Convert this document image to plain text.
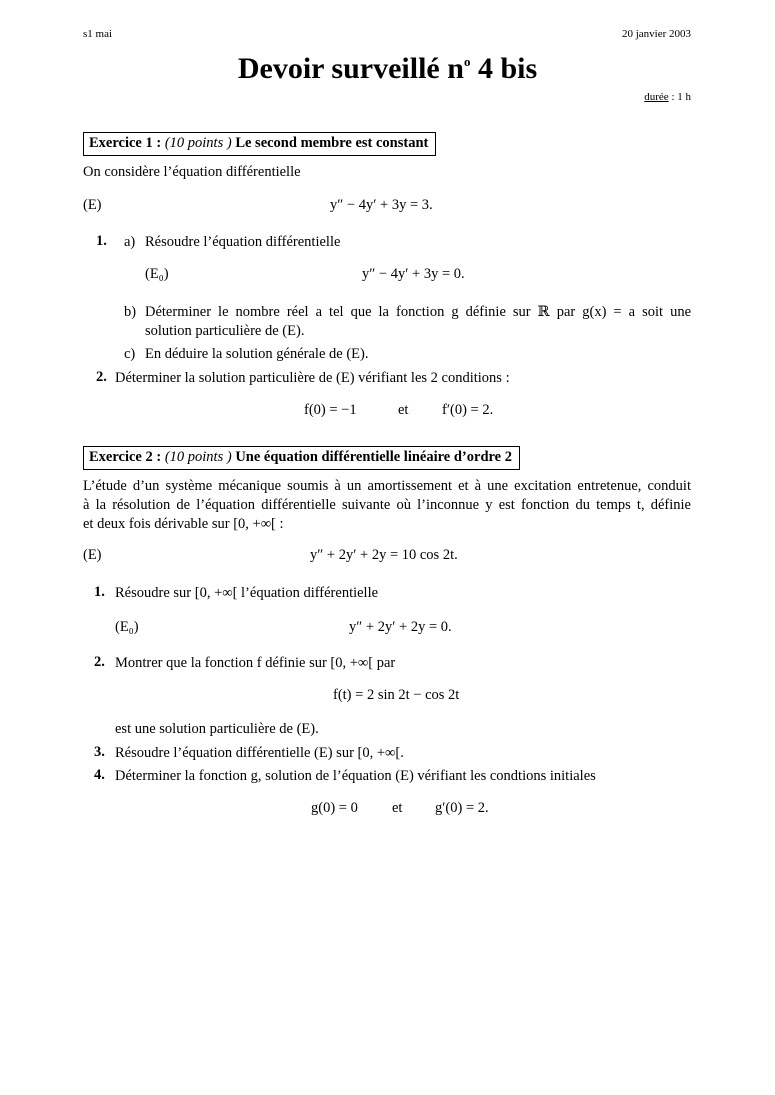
s1 mai	20 janvier 2003
Devoir surveillé $n^o$ 4 bis
durée : 1 h
Exercice 1 : (10 points ) Le second membre est constant
On considère l’équation différentielle
(E)	y″ − 4y′ + 3y = 3.
1. a) Résoudre l’équation différentielle
(E₀)	y″ − 4y′ + 3y = 0.
b) Déterminer le nombre réel a tel que la fonction g définie sur ℝ par g(x) = a soit une
solution particulière de (E).
c) En déduire la solution générale de (E).
2. Déterminer la solution particulière de (E) vérifiant les 2 conditions :
f(0) = −1	et f′(0) = 2.
Exercice 2 : (10 points ) Une équation différentielle linéaire d’ordre 2
L’étude d’un système mécanique soumis à un amortissement et à une excitation entretenue, conduit
à la résolution de l’équation différentielle suivante où l’inconnue y est fonction du temps t, définie
et deux fois dérivable sur [0, +∞[ :
(E)	y″ + 2y′ + 2y = 10 cos 2t.
1. Résoudre sur [0, +∞[ l’équation différentielle
(E₀)	y″ + 2y′ + 2y = 0.
2. Montrer que la fonction f définie sur [0, +∞[ par
f(t) = 2 sin 2t − cos 2t
est une solution particulière de (E).
3. Résoudre l’équation différentielle (E) sur [0, +∞[.
4. Déterminer la fonction g, solution de l’équation (E) vérifiant les condtions initiales
g(0) = 0 et g′(0) = 2.
